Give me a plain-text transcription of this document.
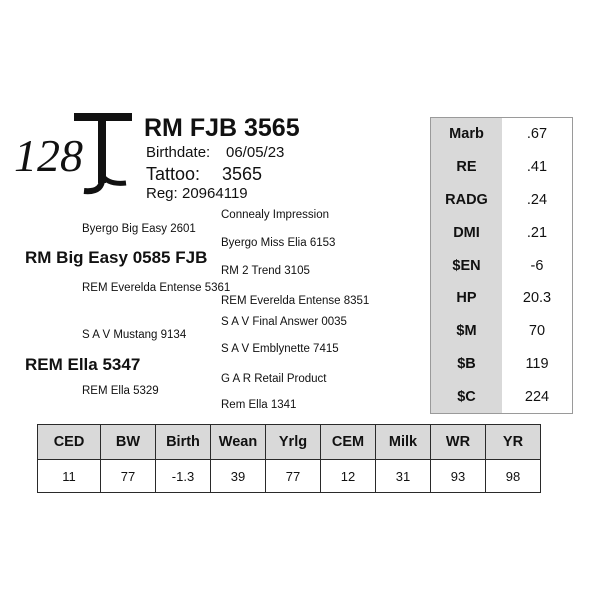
128
RM FJB 3565
Birthdate: 06/05/23
Tattoo: 3565
Reg: 20964119
Byergo Big Easy 2601
RM Big Easy 0585 FJB
REM Everelda Entense 5361
S A V Mustang 9134
REM Ella 5347
REM Ella 5329
Connealy Impression
Byergo Miss Elia 6153
RM 2 Trend 3105
REM Everelda Entense 8351
S A V Final Answer 0035
S A V Emblynette 7415
G A R Retail Product
Rem Ella 1341
Marb	.67
RE	.41
RADG	.24
DMI	.21
$EN	-6
HP	20.3
$M	70
$B	119
$C	224
CED	BW	Birth	Wean	Yrlg	CEM	Milk	WR	YR
11	77	-1.3	39	77	12	31	93	98
